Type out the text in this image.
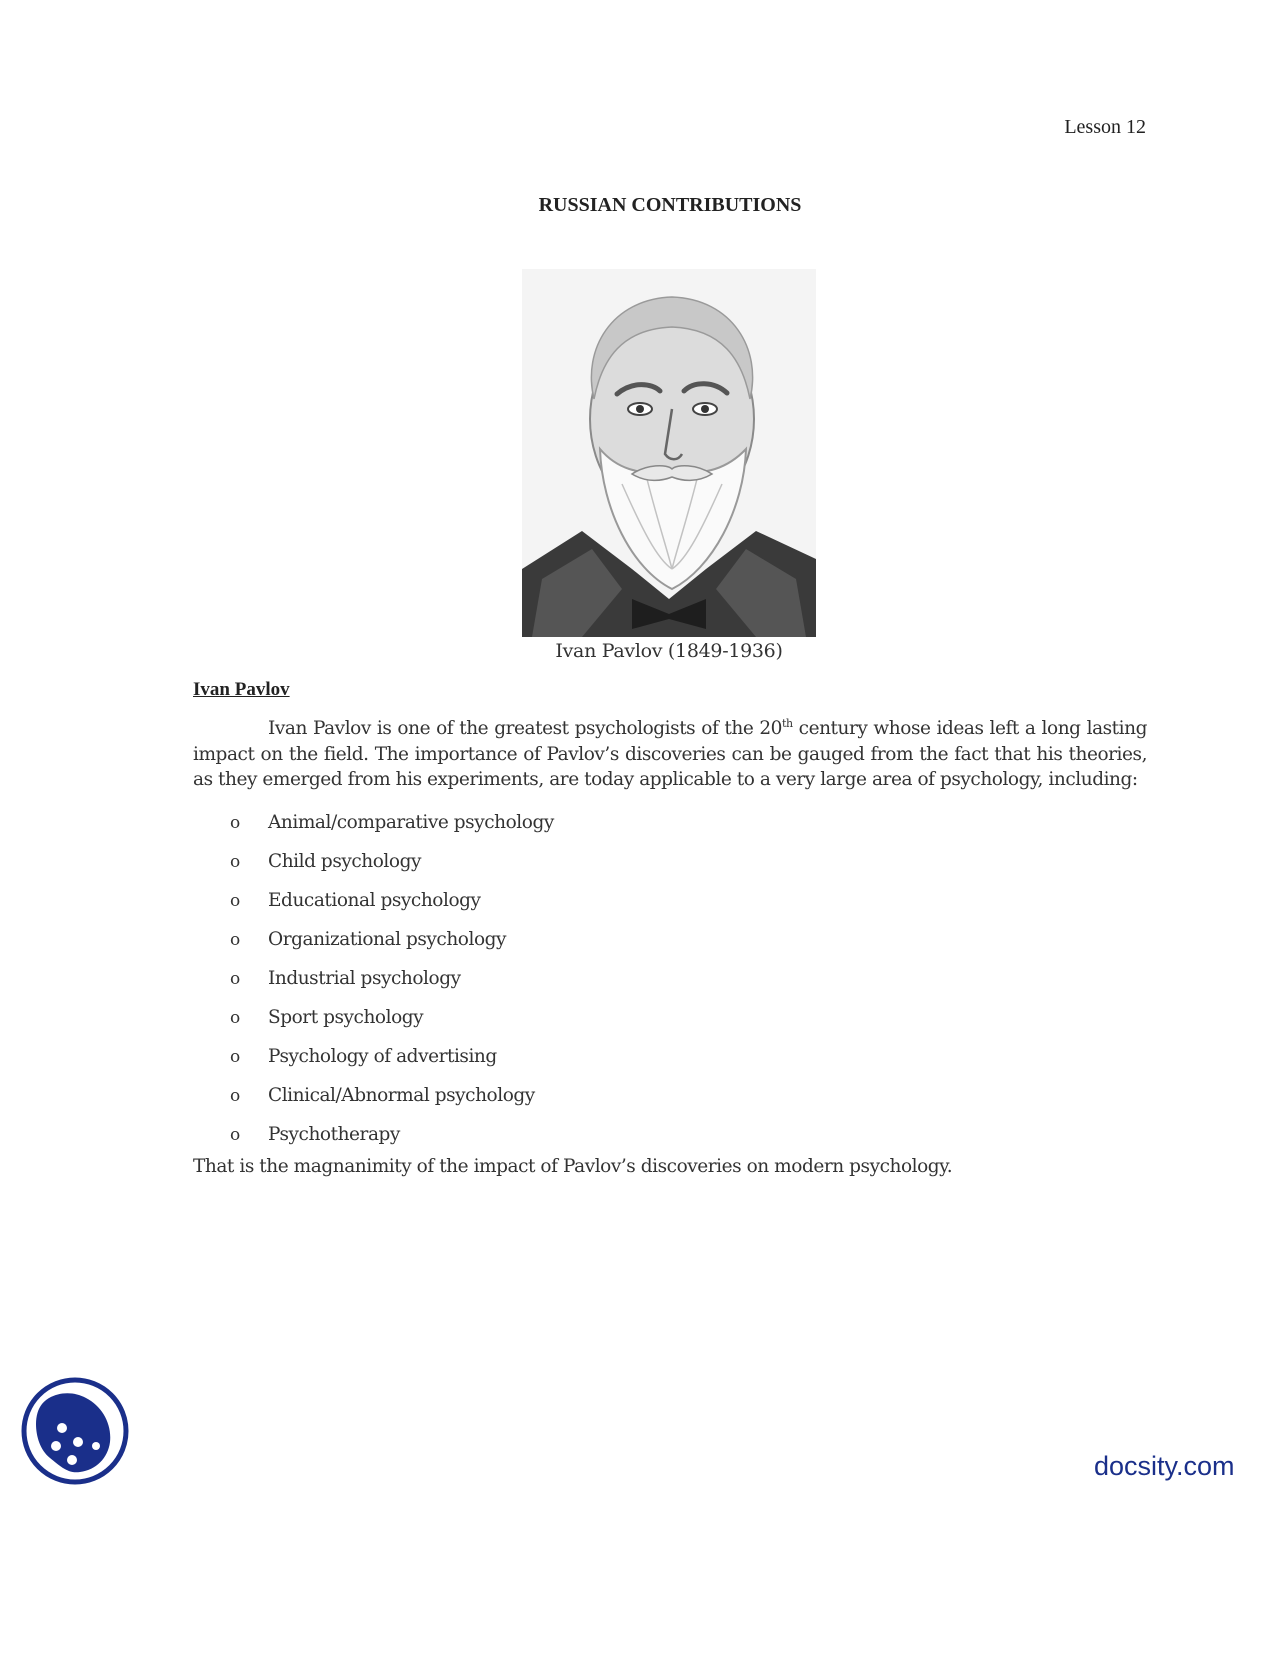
Lesson 12
RUSSIAN CONTRIBUTIONS
Ivan Pavlov (1849-1936)
Ivan Pavlov

Ivan Pavlov is one of the greatest psychologists of the 20th century whose ideas left a long lasting impact on the field. The importance of Pavlov’s discoveries can be gauged from the fact that his theories, as they emerged from his experiments, are today applicable to a very large area of psychology, including:

o	Animal/comparative psychology
o	Child psychology
o	Educational psychology
o	Organizational psychology
o	Industrial psychology
o	Sport psychology
o	Psychology of advertising
o	Clinical/Abnormal psychology
o	Psychotherapy

That is the magnanimity of the impact of Pavlov’s discoveries on modern psychology.

docsity.com
